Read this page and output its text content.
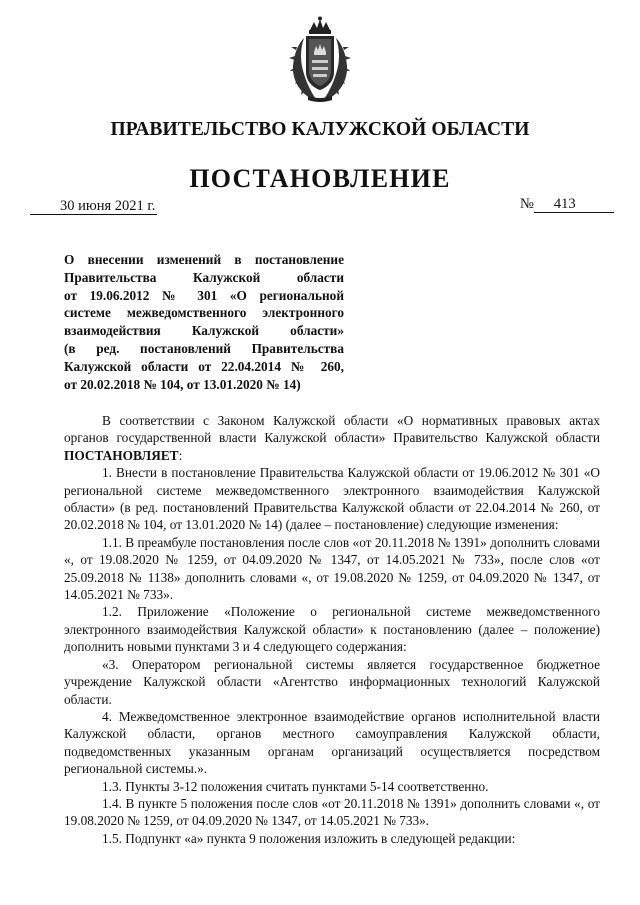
ПРАВИТЕЛЬСТВО КАЛУЖСКОЙ ОБЛАСТИ
ПОСТАНОВЛЕНИЕ
30 июня 2021 г.	№ 413
О внесении изменений в постановление
Правительства Калужской области
от 19.06.2012 № 301 «О региональной
системе межведомственного электронного
взаимодействия Калужской области»
(в ред. постановлений Правительства
Калужской области от 22.04.2014 № 260,
от 20.02.2018 № 104, от 13.01.2020 № 14)

В соответствии с Законом Калужской области «О нормативных правовых актах органов государственной власти Калужской области» Правительство Калужской области ПОСТАНОВЛЯЕТ:

1. Внести в постановление Правительства Калужской области от 19.06.2012 № 301 «О региональной системе межведомственного электронного взаимодействия Калужской области» (в ред. постановлений Правительства Калужской области от 22.04.2014 № 260, от 20.02.2018 № 104, от 13.01.2020 № 14) (далее – постановление) следующие изменения:

1.1. В преамбуле постановления после слов «от 20.11.2018 № 1391» дополнить словами «, от 19.08.2020 № 1259, от 04.09.2020 № 1347, от 14.05.2021 № 733», после слов «от 25.09.2018 № 1138» дополнить словами «, от 19.08.2020 № 1259, от 04.09.2020 № 1347, от 14.05.2021 № 733».

1.2. Приложение «Положение о региональной системе межведомственного электронного взаимодействия Калужской области» к постановлению (далее – положение) дополнить новыми пунктами 3 и 4 следующего содержания:

«3. Оператором региональной системы является государственное бюджетное учреждение Калужской области «Агентство информационных технологий Калужской области.

4. Межведомственное электронное взаимодействие органов исполнительной власти Калужской области, органов местного самоуправления Калужской области, подведомственных указанным органам организаций осуществляется посредством региональной системы.».

1.3. Пункты 3-12 положения считать пунктами 5-14 соответственно.

1.4. В пункте 5 положения после слов «от 20.11.2018 № 1391» дополнить словами «, от 19.08.2020 № 1259, от 04.09.2020 № 1347, от 14.05.2021 № 733».

1.5. Подпункт «а» пункта 9 положения изложить в следующей редакции:
